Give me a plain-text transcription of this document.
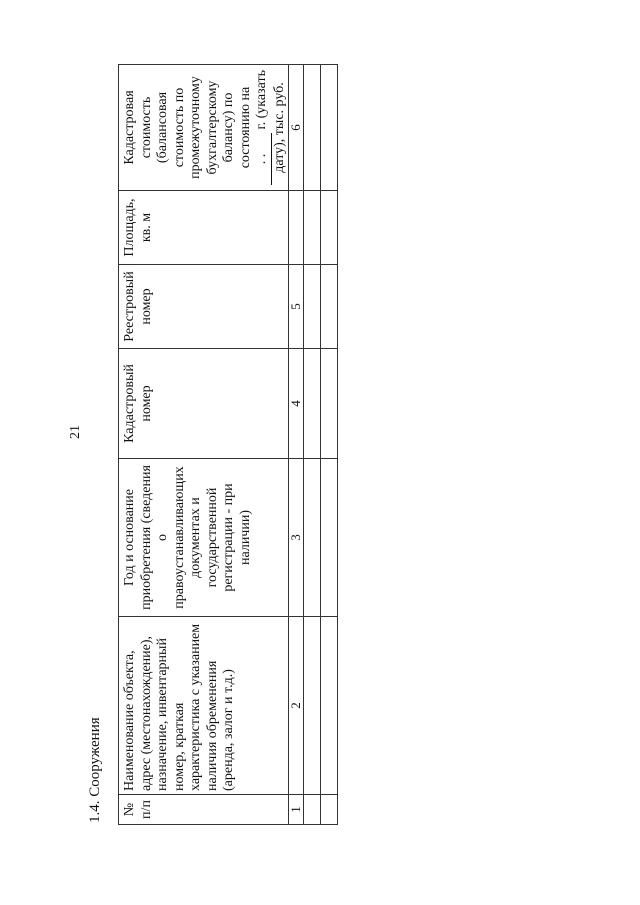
21
1.4. Сооружения	№ п/п	Наименование объекта, адрес (местонахождение), назначение, инвентарный номер, краткая характеристика с указанием наличия обременения (аренда, залог и т.д.)	Год и основание приобретения (сведения о правоустанавливающих документах и государственной регистрации - при наличии)	Кадастровый номер	Реестровый номер	Площадь, кв. м	Кадастровая стоимость (балансовая стоимость по промежуточному бухгалтерскому балансу) по состоянию на
. . г. (указать дату), тыс. руб.
1	2	3	4	5		6
